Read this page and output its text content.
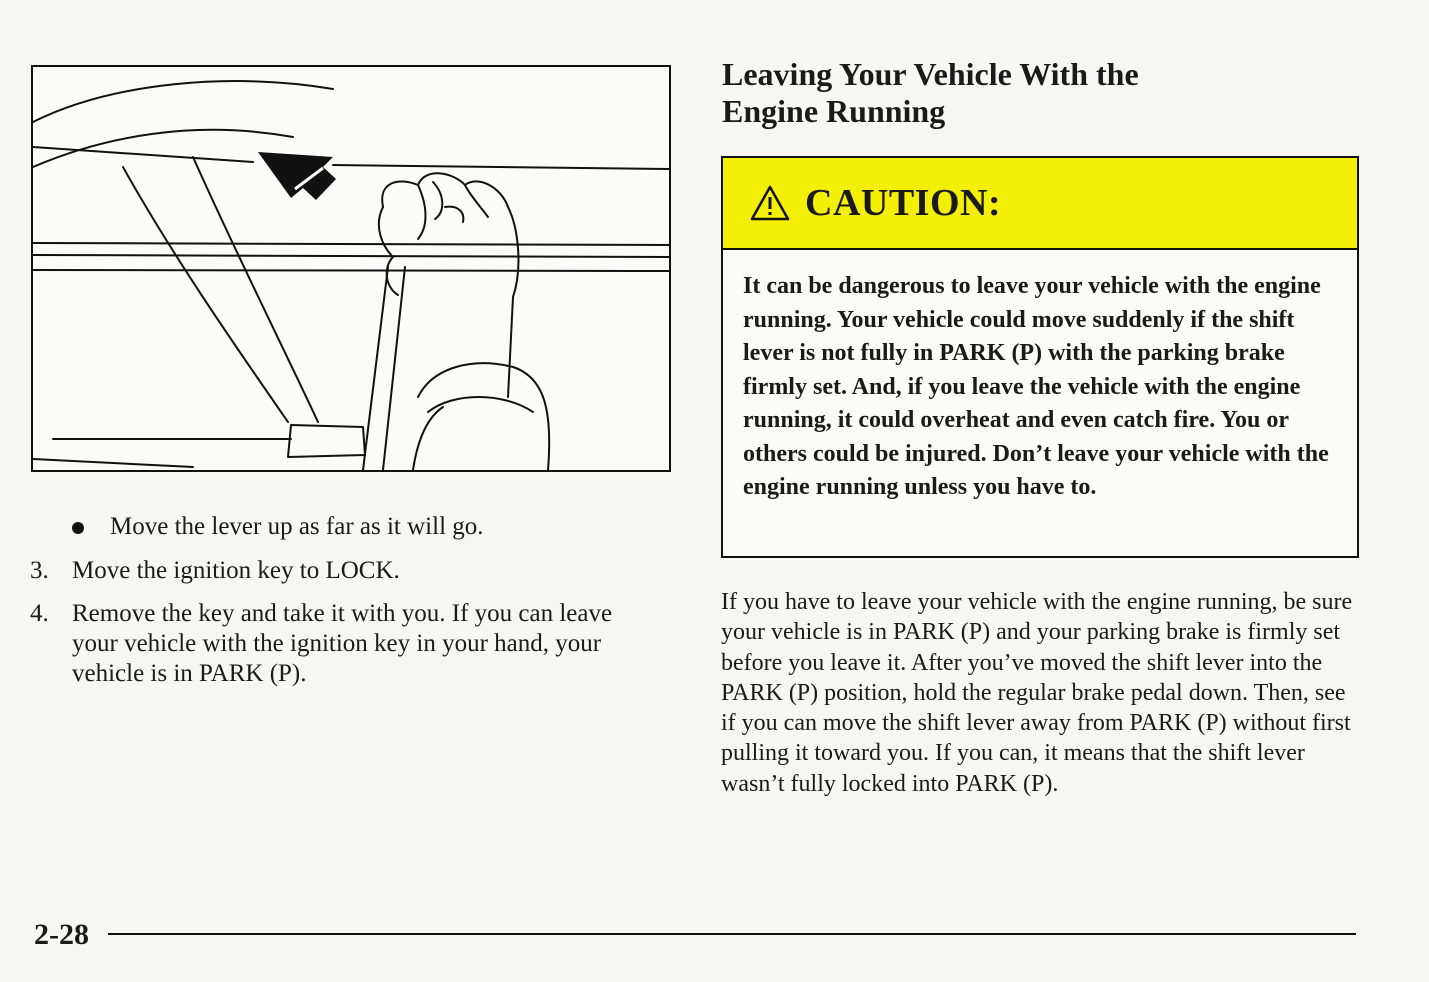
Move the lever up as far as it will go.
3. Move the ignition key to LOCK.
4. Remove the key and take it with you. If you can leave your vehicle with the ignition key in your hand, your vehicle is in PARK (P).
Leaving Your Vehicle With the
Engine Running
CAUTION:
It can be dangerous to leave your vehicle with the engine running. Your vehicle could move suddenly if the shift lever is not fully in PARK (P) with the parking brake firmly set. And, if you leave the vehicle with the engine running, it could overheat and even catch fire. You or others could be injured. Don’t leave your vehicle with the engine running unless you have to.
If you have to leave your vehicle with the engine running, be sure your vehicle is in PARK (P) and your parking brake is firmly set before you leave it. After you’ve moved the shift lever into the PARK (P) position, hold the regular brake pedal down. Then, see if you can move the shift lever away from PARK (P) without first pulling it toward you. If you can, it means that the shift lever wasn’t fully locked into PARK (P).
2-28
